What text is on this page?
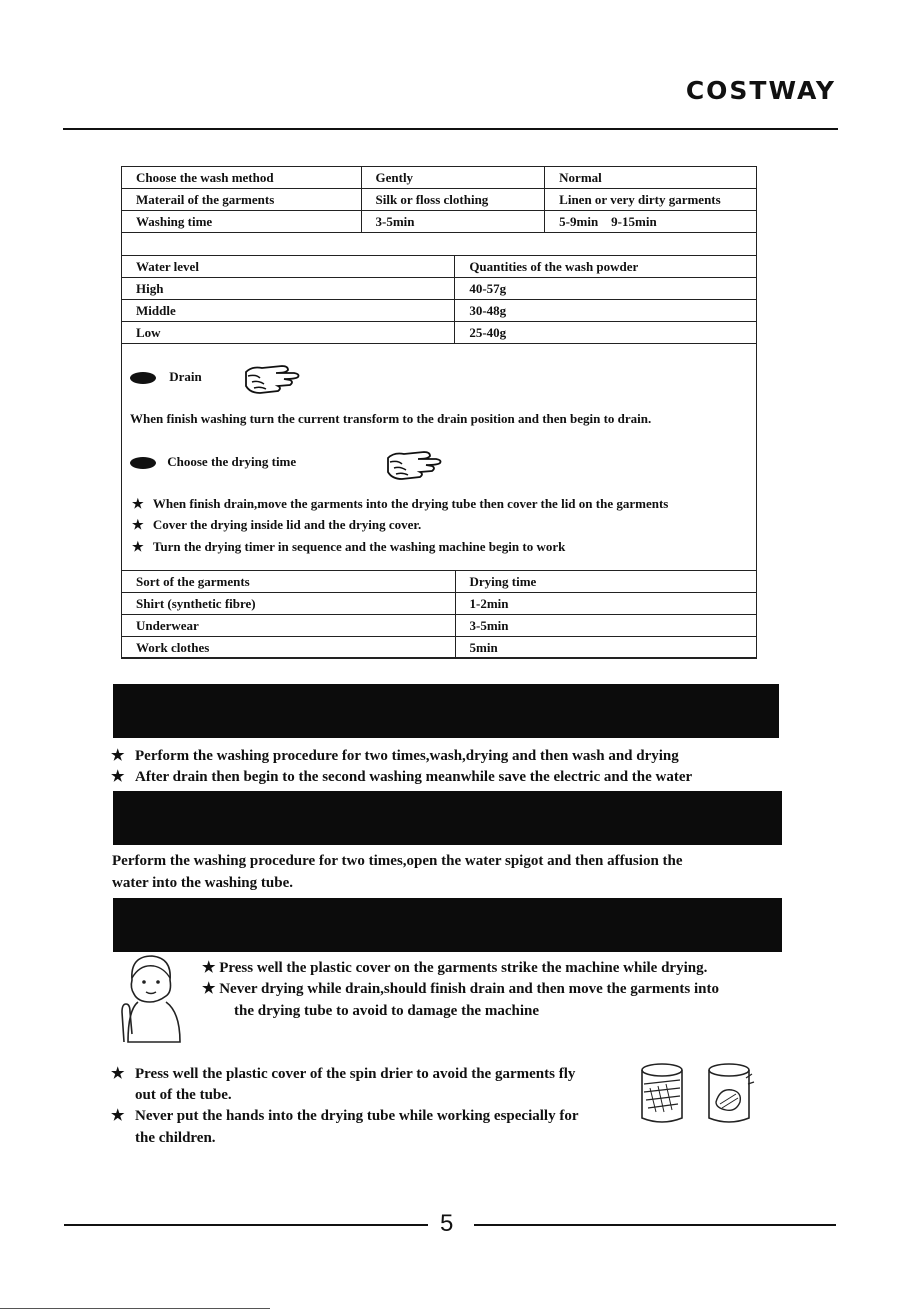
COSTWAY
Choose the wash method	Gently	Normal
Materail of the garments	Silk or floss clothing	Linen or very dirty garments
Washing time	3-5min	5-9min    9-15min
Water level	Quantities of the wash powder
High	40-57g
Middle	30-48g
Low	25-40g
Drain
When finish washing turn the current transform to the drain position and then begin to drain.
Choose the drying time
★ When finish drain,move the garments into the drying tube then cover the lid on the garments
★ Cover the drying inside lid and the drying cover.
★ Turn the drying timer in sequence and the washing machine begin to work
Sort of the garments	Drying time
Shirt (synthetic fibre)	1-2min
Underwear	3-5min
Work clothes	5min
★ Perform the washing procedure for two times,wash,drying and then wash and drying
★ After drain then begin to the second washing meanwhile save the electric and the water
Perform the washing procedure for two times,open the water spigot and then affusion the
water into the washing tube.
★ Press well the plastic cover on the garments strike the machine while drying.
★ Never drying while drain,should finish drain and then move the garments into
the drying tube to avoid to damage the machine
★ Press well the plastic cover of the spin drier to avoid the garments fly
out of the tube.
★ Never put the hands into the drying tube while working especially for
the children.
5
